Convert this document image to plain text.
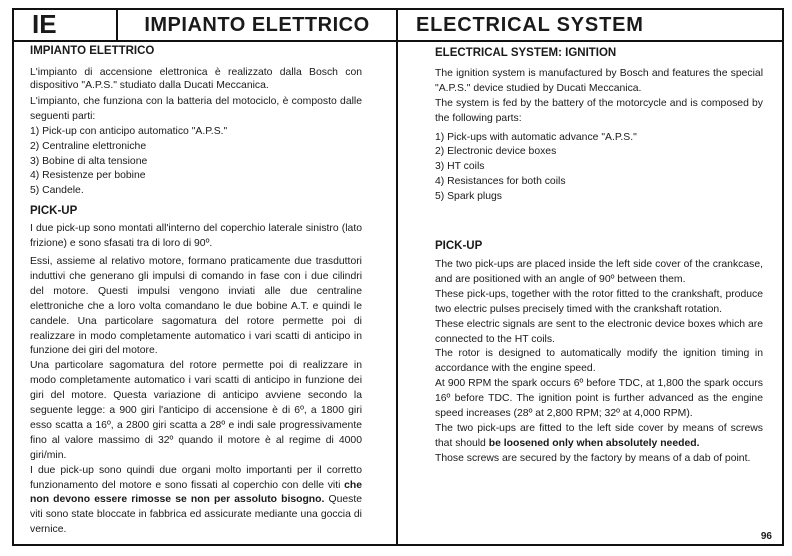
IE	IMPIANTO ELETTRICO	ELECTRICAL SYSTEM

IMPIANTO ELETTRICO

L'impianto di accensione elettronica è realizzato dalla Bosch con dispositivo "A.P.S." studiato dalla Ducati Meccanica.

L'impianto, che funziona con la batteria del motociclo, è composto dalle seguenti parti:

1) Pick-up con anticipo automatico "A.P.S."

2) Centraline elettroniche

3) Bobine di alta tensione

4) Resistenze per bobine

5) Candele.

PICK-UP

I due pick-up sono montati all'interno del coperchio laterale sinistro (lato frizione) e sono sfasati tra di loro di 90º.

Essi, assieme al relativo motore, formano praticamente due trasduttori induttivi che generano gli impulsi di comando in fase con i due cilindri del motore. Questi impulsi vengono inviati alle due centraline elettroniche che a loro volta comandano le due bobine A.T. e quindi le candele. Una particolare sagomatura del rotore permette poi di realizzare in modo completamente automatico i vari scatti di anticipo in funzione dei giri del motore.

Una particolare sagomatura del rotore permette poi di realizzare in modo completamente automatico i vari scatti di anticipo in funzione dei giri del motore. Questa variazione di anticipo avviene secondo la seguente legge: a 900 giri l'anticipo di accensione è di 6º, a 1800 giri esso scatta a 16º, a 2800 giri scatta a 28º e indi sale progressivamente fino al valore massimo di 32º quando il motore è al regime di 4000 giri/min.

I due pick-up sono quindi due organi molto importanti per il corretto funzionamento del motore e sono fissati al coperchio con delle viti che non devono essere rimosse se non per assoluto bisogno. Queste viti sono state bloccate in fabbrica ed assicurate mediante una goccia di vernice.

ELECTRICAL SYSTEM: IGNITION

The ignition system is manufactured by Bosch and features the special "A.P.S." device studied by Ducati Meccanica.

The system is fed by the battery of the motorcycle and is composed by the following parts:

1) Pick-ups with automatic advance "A.P.S."

2) Electronic device boxes

3) HT coils

4) Resistances for both coils

5) Spark plugs

PICK-UP

The two pick-ups are placed inside the left side cover of the crankcase, and are positioned with an angle of 90º between them.

These pick-ups, together with the rotor fitted to the crankshaft, produce two electric pulses precisely timed with the crankshaft rotation.

These electric signals are sent to the electronic device boxes which are connected to the HT coils.

The rotor is designed to automatically modify the ignition timing in accordance with the engine speed.

At 900 RPM the spark occurs 6º before TDC, at 1,800 the spark occurs 16º before TDC. The ignition point is further advanced as the engine speed increases (28º at 2,800 RPM; 32º at 4,000 RPM).

The two pick-ups are fitted to the left side cover by means of screws that should be loosened only when absolutely needed.

Those screws are secured by the factory by means of a dab of point.

96
